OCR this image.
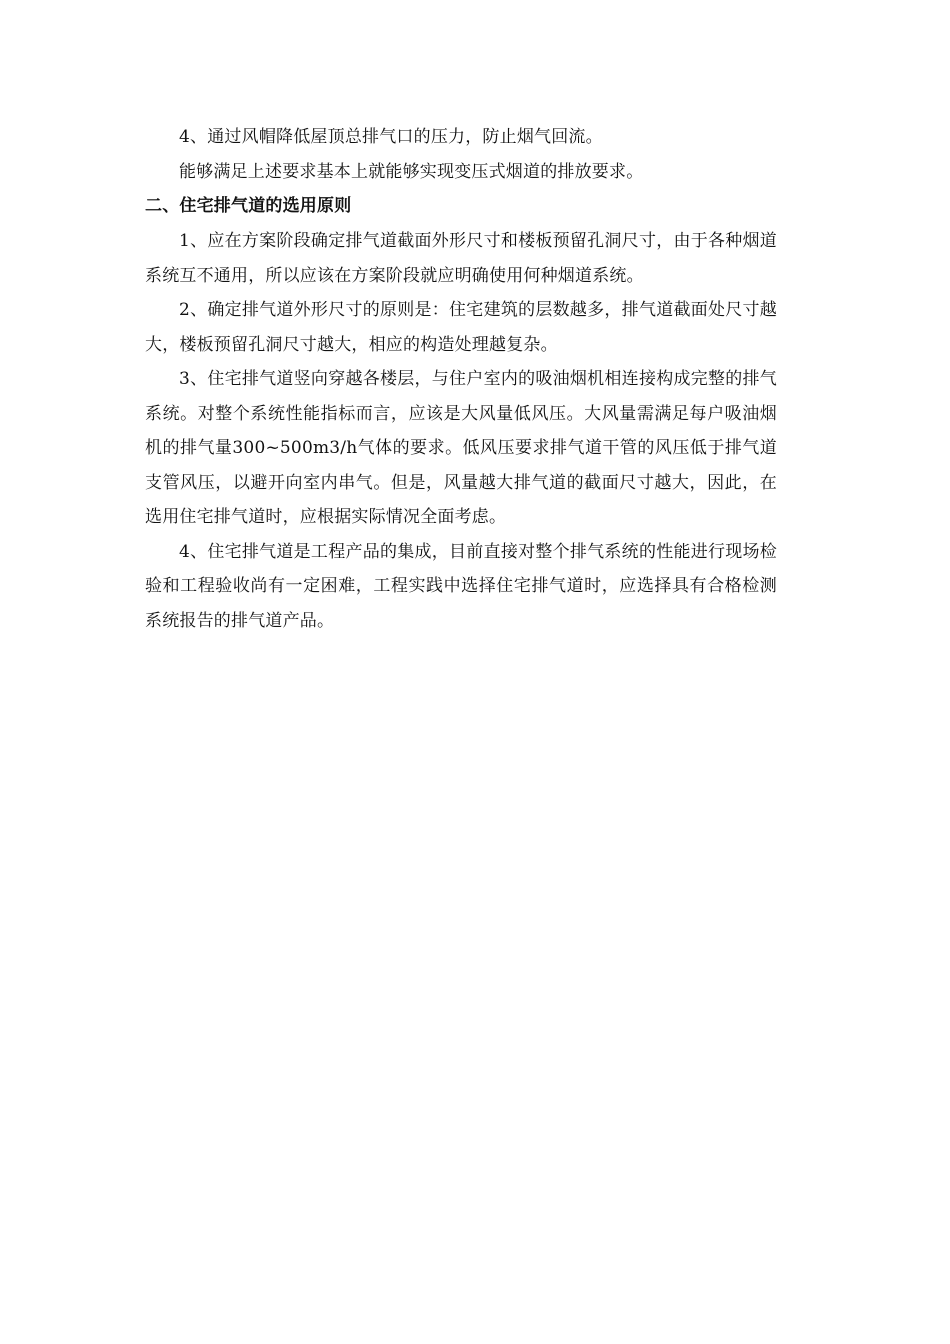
4、通过风帽降低屋顶总排气口的压力，防止烟气回流。

能够满足上述要求基本上就能够实现变压式烟道的排放要求。

二、住宅排气道的选用原则

1、应在方案阶段确定排气道截面外形尺寸和楼板预留孔洞尺寸，由于各种烟道系统互不通用，所以应该在方案阶段就应明确使用何种烟道系统。

2、确定排气道外形尺寸的原则是：住宅建筑的层数越多，排气道截面处尺寸越大，楼板预留孔洞尺寸越大，相应的构造处理越复杂。

3、住宅排气道竖向穿越各楼层，与住户室内的吸油烟机相连接构成完整的排气系统。对整个系统性能指标而言，应该是大风量低风压。大风量需满足每户吸油烟机的排气量300~500m3/h气体的要求。低风压要求排气道干管的风压低于排气道支管风压，以避开向室内串气。但是，风量越大排气道的截面尺寸越大，因此，在选用住宅排气道时，应根据实际情况全面考虑。

4、住宅排气道是工程产品的集成，目前直接对整个排气系统的性能进行现场检验和工程验收尚有一定困难，工程实践中选择住宅排气道时，应选择具有合格检测系统报告的排气道产品。
